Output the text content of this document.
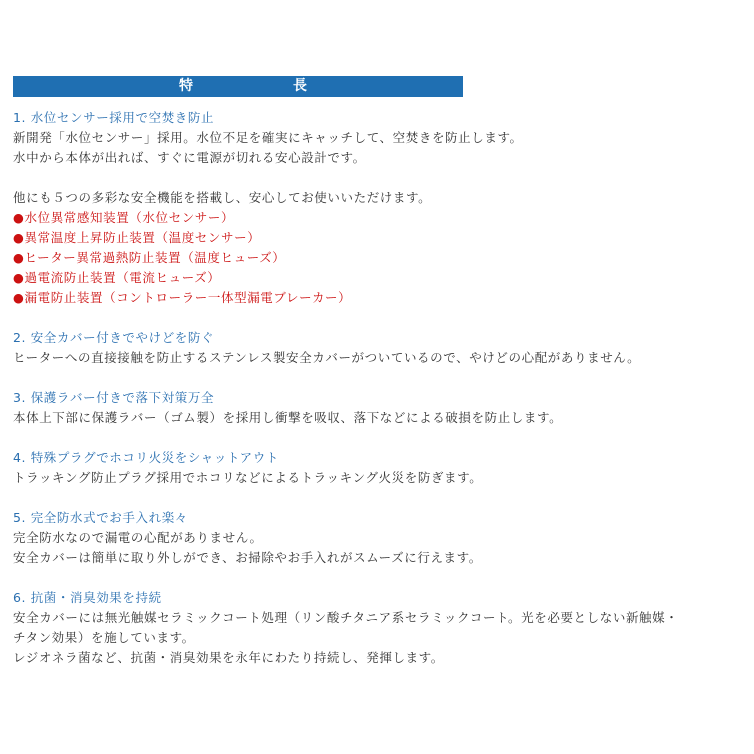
特	長
1. 水位センサー採用で空焚き防止
新開発「水位センサー」採用。水位不足を確実にキャッチして、空焚きを防止します。
水中から本体が出れば、すぐに電源が切れる安心設計です。
他にも５つの多彩な安全機能を搭載し、安心してお使いいただけます。
●水位異常感知装置（水位センサー）
●異常温度上昇防止装置（温度センサー）
●ヒーター異常過熱防止装置（温度ヒューズ）
●過電流防止装置（電流ヒューズ）
●漏電防止装置（コントローラー一体型漏電ブレーカー）
2. 安全カバー付きでやけどを防ぐ
ヒーターへの直接接触を防止するステンレス製安全カバーがついているので、やけどの心配がありません。
3. 保護ラバー付きで落下対策万全
本体上下部に保護ラバー（ゴム製）を採用し衝撃を吸収、落下などによる破損を防止します。
4. 特殊プラグでホコリ火災をシャットアウト
トラッキング防止プラグ採用でホコリなどによるトラッキング火災を防ぎます。
5. 完全防水式でお手入れ楽々
完全防水なので漏電の心配がありません。
安全カバーは簡単に取り外しができ、お掃除やお手入れがスムーズに行えます。
6. 抗菌・消臭効果を持続
安全カバーには無光触媒セラミックコート処理（リン酸チタニア系セラミックコート。光を必要としない新触媒・
チタン効果）を施しています。
レジオネラ菌など、抗菌・消臭効果を永年にわたり持続し、発揮します。
